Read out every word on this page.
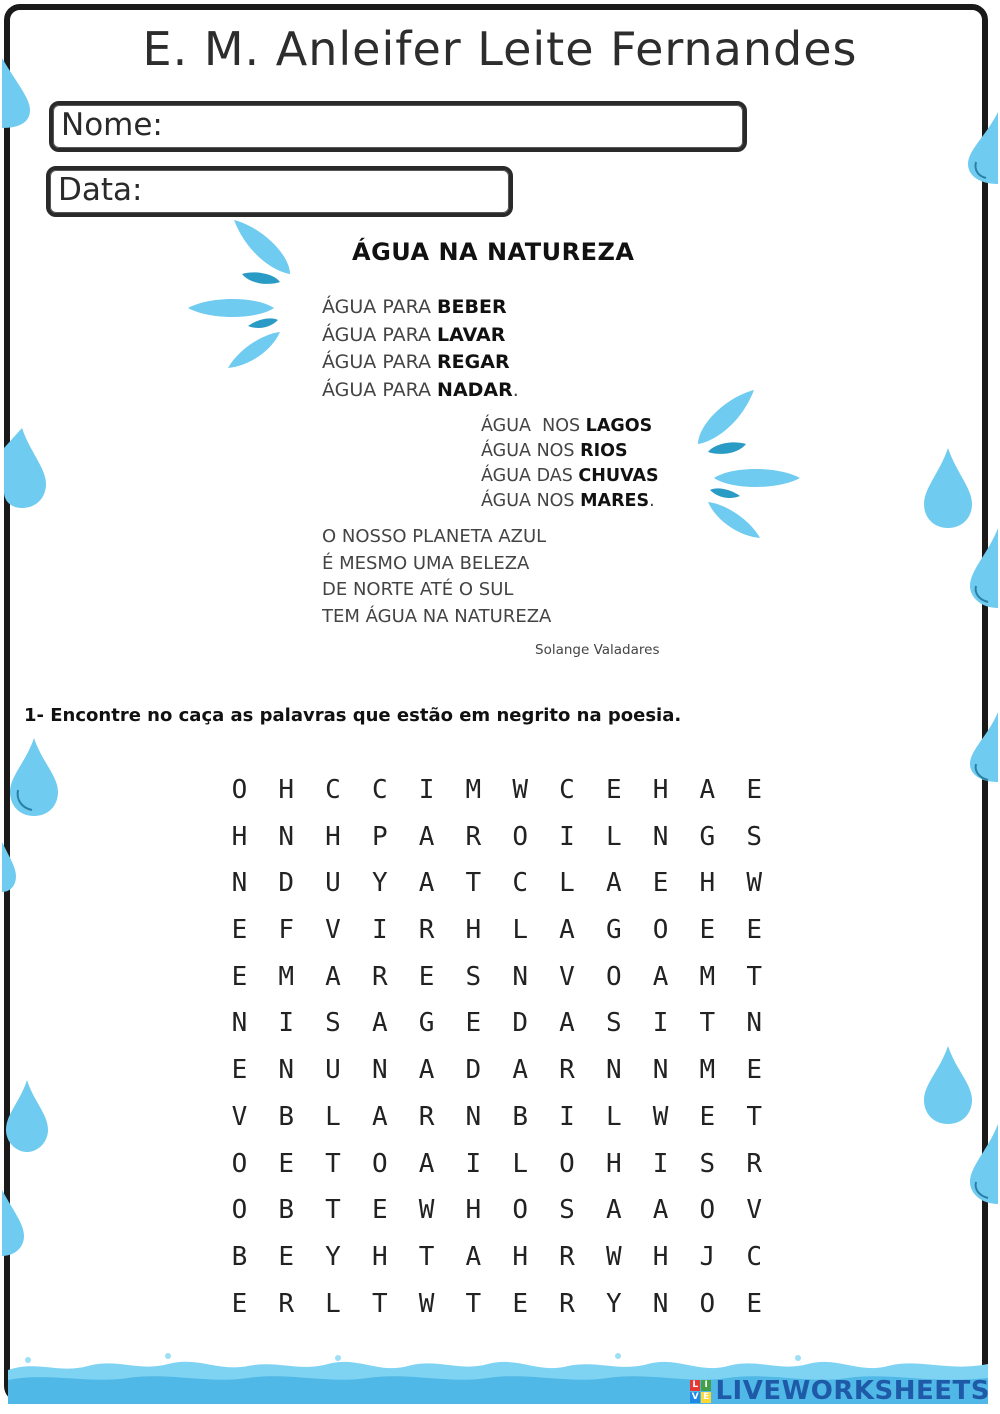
E. M. Anleifer Leite Fernandes
Nome:
Data:
ÁGUA NA NATUREZA
ÁGUA PARA BEBER
ÁGUA PARA LAVAR
ÁGUA PARA REGAR
ÁGUA PARA NADAR.
ÁGUA  NOS LAGOS
ÁGUA NOS RIOS
ÁGUA DAS CHUVAS
ÁGUA NOS MARES.
O NOSSO PLANETA AZUL
É MESMO UMA BELEZA
DE NORTE ATÉ O SUL
TEM ÁGUA NA NATUREZA
Solange Valadares
1- Encontre no caça as palavras que estão em negrito na poesia.
O	H	C	C	I	M	W	C	E	H	A	E
H	N	H	P	A	R	O	I	L	N	G	S
N	D	U	Y	A	T	C	L	A	E	H	W
E	F	V	I	R	H	L	A	G	O	E	E
E	M	A	R	E	S	N	V	O	A	M	T
N	I	S	A	G	E	D	A	S	I	T	N
E	N	U	N	A	D	A	R	N	N	M	E
V	B	L	A	R	N	B	I	L	W	E	T
O	E	T	O	A	I	L	O	H	I	S	R
O	B	T	E	W	H	O	S	A	A	O	V
B	E	Y	H	T	A	H	R	W	H	J	C
E	R	L	T	W	T	E	R	Y	N	O	E
L I
V E LIVEWORKSHEETS
